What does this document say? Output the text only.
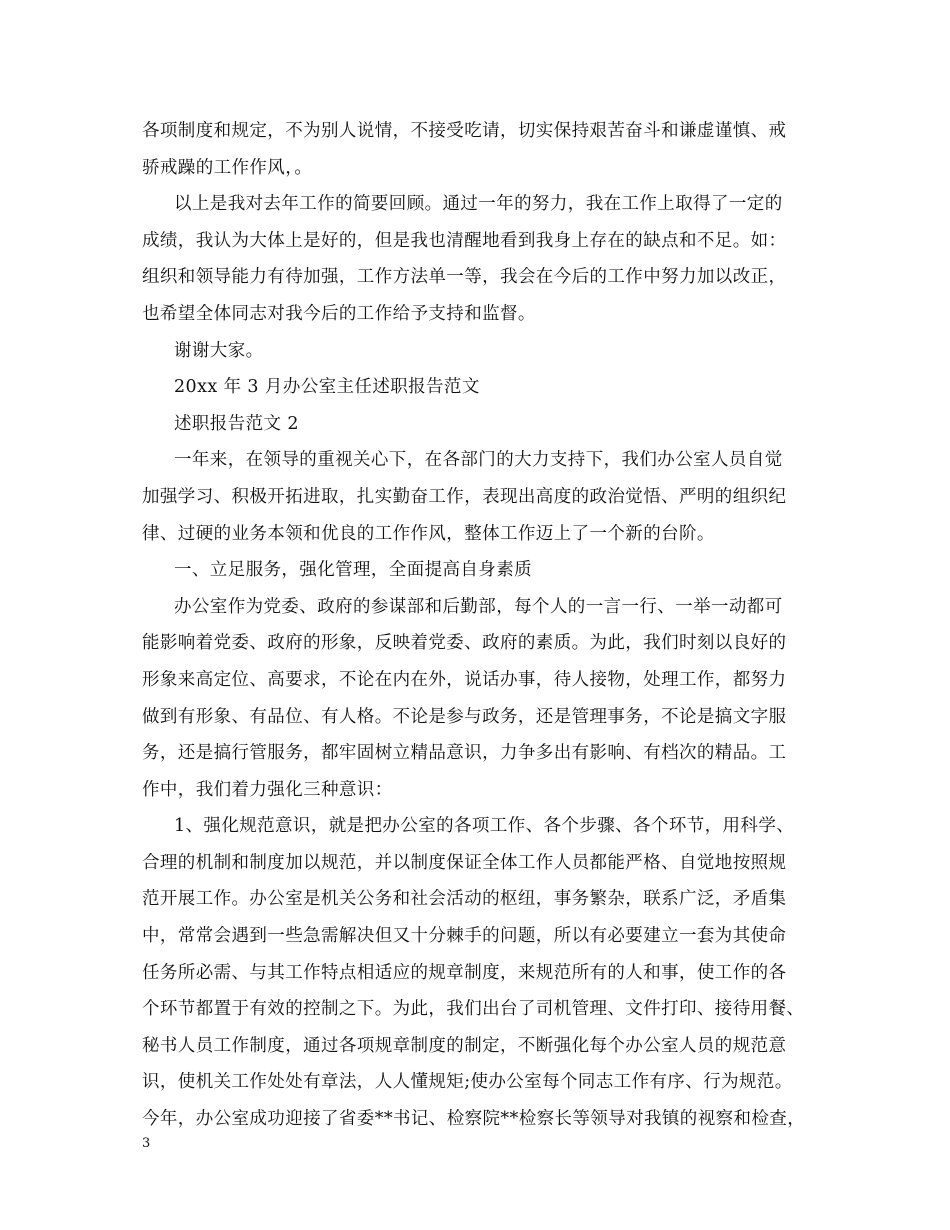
各项制度和规定，不为别人说情，不接受吃请，切实保持艰苦奋斗和谦虚谨慎、戒
骄戒躁的工作作风，。
以上是我对去年工作的简要回顾。通过一年的努力，我在工作上取得了一定的
成绩，我认为大体上是好的，但是我也清醒地看到我身上存在的缺点和不足。如：
组织和领导能力有待加强，工作方法单一等，我会在今后的工作中努力加以改正，
也希望全体同志对我今后的工作给予支持和监督。
谢谢大家。
20xx 年 3 月办公室主任述职报告范文
述职报告范文 2
一年来，在领导的重视关心下，在各部门的大力支持下，我们办公室人员自觉
加强学习、积极开拓进取，扎实勤奋工作，表现出高度的政治觉悟、严明的组织纪
律、过硬的业务本领和优良的工作作风，整体工作迈上了一个新的台阶。
一、立足服务，强化管理，全面提高自身素质
办公室作为党委、政府的参谋部和后勤部，每个人的一言一行、一举一动都可
能影响着党委、政府的形象，反映着党委、政府的素质。为此，我们时刻以良好的
形象来高定位、高要求，不论在内在外，说话办事，待人接物，处理工作，都努力
做到有形象、有品位、有人格。不论是参与政务，还是管理事务，不论是搞文字服
务，还是搞行管服务，都牢固树立精品意识，力争多出有影响、有档次的精品。工
作中，我们着力强化三种意识：
1、强化规范意识，就是把办公室的各项工作、各个步骤、各个环节，用科学、
合理的机制和制度加以规范，并以制度保证全体工作人员都能严格、自觉地按照规
范开展工作。办公室是机关公务和社会活动的枢纽，事务繁杂，联系广泛，矛盾集
中，常常会遇到一些急需解决但又十分棘手的问题，所以有必要建立一套为其使命
任务所必需、与其工作特点相适应的规章制度，来规范所有的人和事，使工作的各
个环节都置于有效的控制之下。为此，我们出台了司机管理、文件打印、接待用餐、
秘书人员工作制度，通过各项规章制度的制定，不断强化每个办公室人员的规范意
识，使机关工作处处有章法，人人懂规矩;使办公室每个同志工作有序、行为规范。
今年，办公室成功迎接了省委**书记、检察院**检察长等领导对我镇的视察和检查，
3
